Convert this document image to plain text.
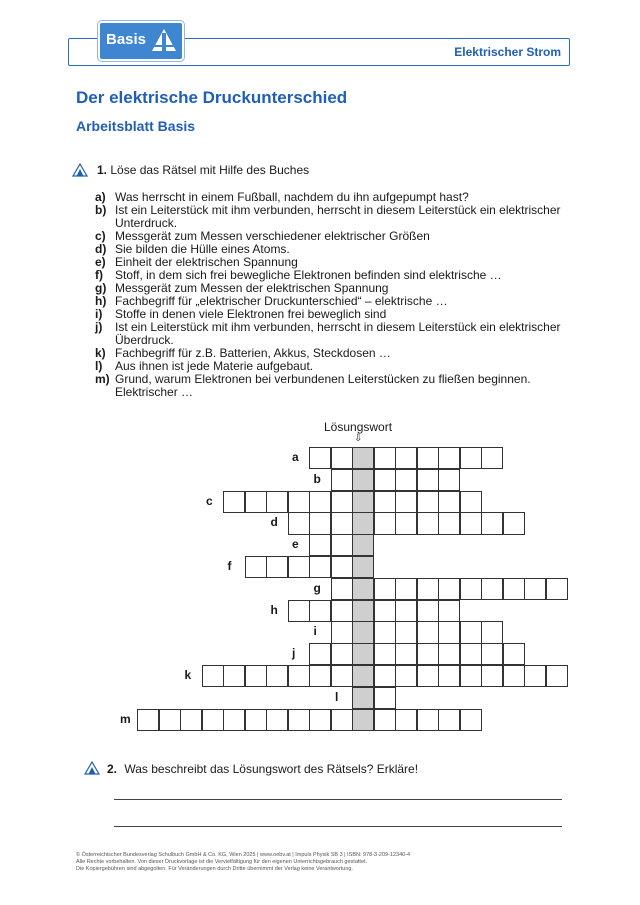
Elektrischer Strom
Basis
Der elektrische Druckunterschied
Arbeitsblatt Basis
1. Löse das Rätsel mit Hilfe des Buches
a) Was herrscht in einem Fußball, nachdem du ihn aufgepumpt hast?
b) Ist ein Leiterstück mit ihm verbunden, herrscht in diesem Leiterstück ein elektrischer Unterdruck.
c) Messgerät zum Messen verschiedener elektrischer Größen
d) Sie bilden die Hülle eines Atoms.
e) Einheit der elektrischen Spannung
f)	Stoff, in dem sich frei bewegliche Elektronen befinden sind elektrische …
g) Messgerät zum Messen der elektrischen Spannung
h) Fachbegriff für „elektrischer Druckunterschied“ – elektrische …
i)	Stoffe in denen viele Elektronen frei beweglich sind
j)	Ist ein Leiterstück mit ihm verbunden, herrscht in diesem Leiterstück ein elektrischer Überdruck.
k) Fachbegriff für z.B. Batterien, Akkus, Steckdosen …
l)	Aus ihnen ist jede Materie aufgebaut.
m) Grund, warum Elektronen bei verbundenen Leiterstücken zu fließen beginnen. Elektrischer …
Lösungswort
⇩
a
b
c
d
e
f
g
h
i
j
k
l
m
2. Was beschreibt das Lösungswort des Rätsels? Erkläre!
© Österreichischer Bundesverlag Schulbuch GmbH & Co. KG, Wien 2025 | www.oebv.at | Impuls Physik SB 3 | ISBN: 978-3-209-12340-4
Alle Rechte vorbehalten. Von dieser Druckvorlage ist die Vervielfältigung für den eigenen Unterrichtsgebrauch gestattet.
Die Kopiergebühren sind abgegolten. Für Veränderungen durch Dritte übernimmt der Verlag keine Verantwortung.
